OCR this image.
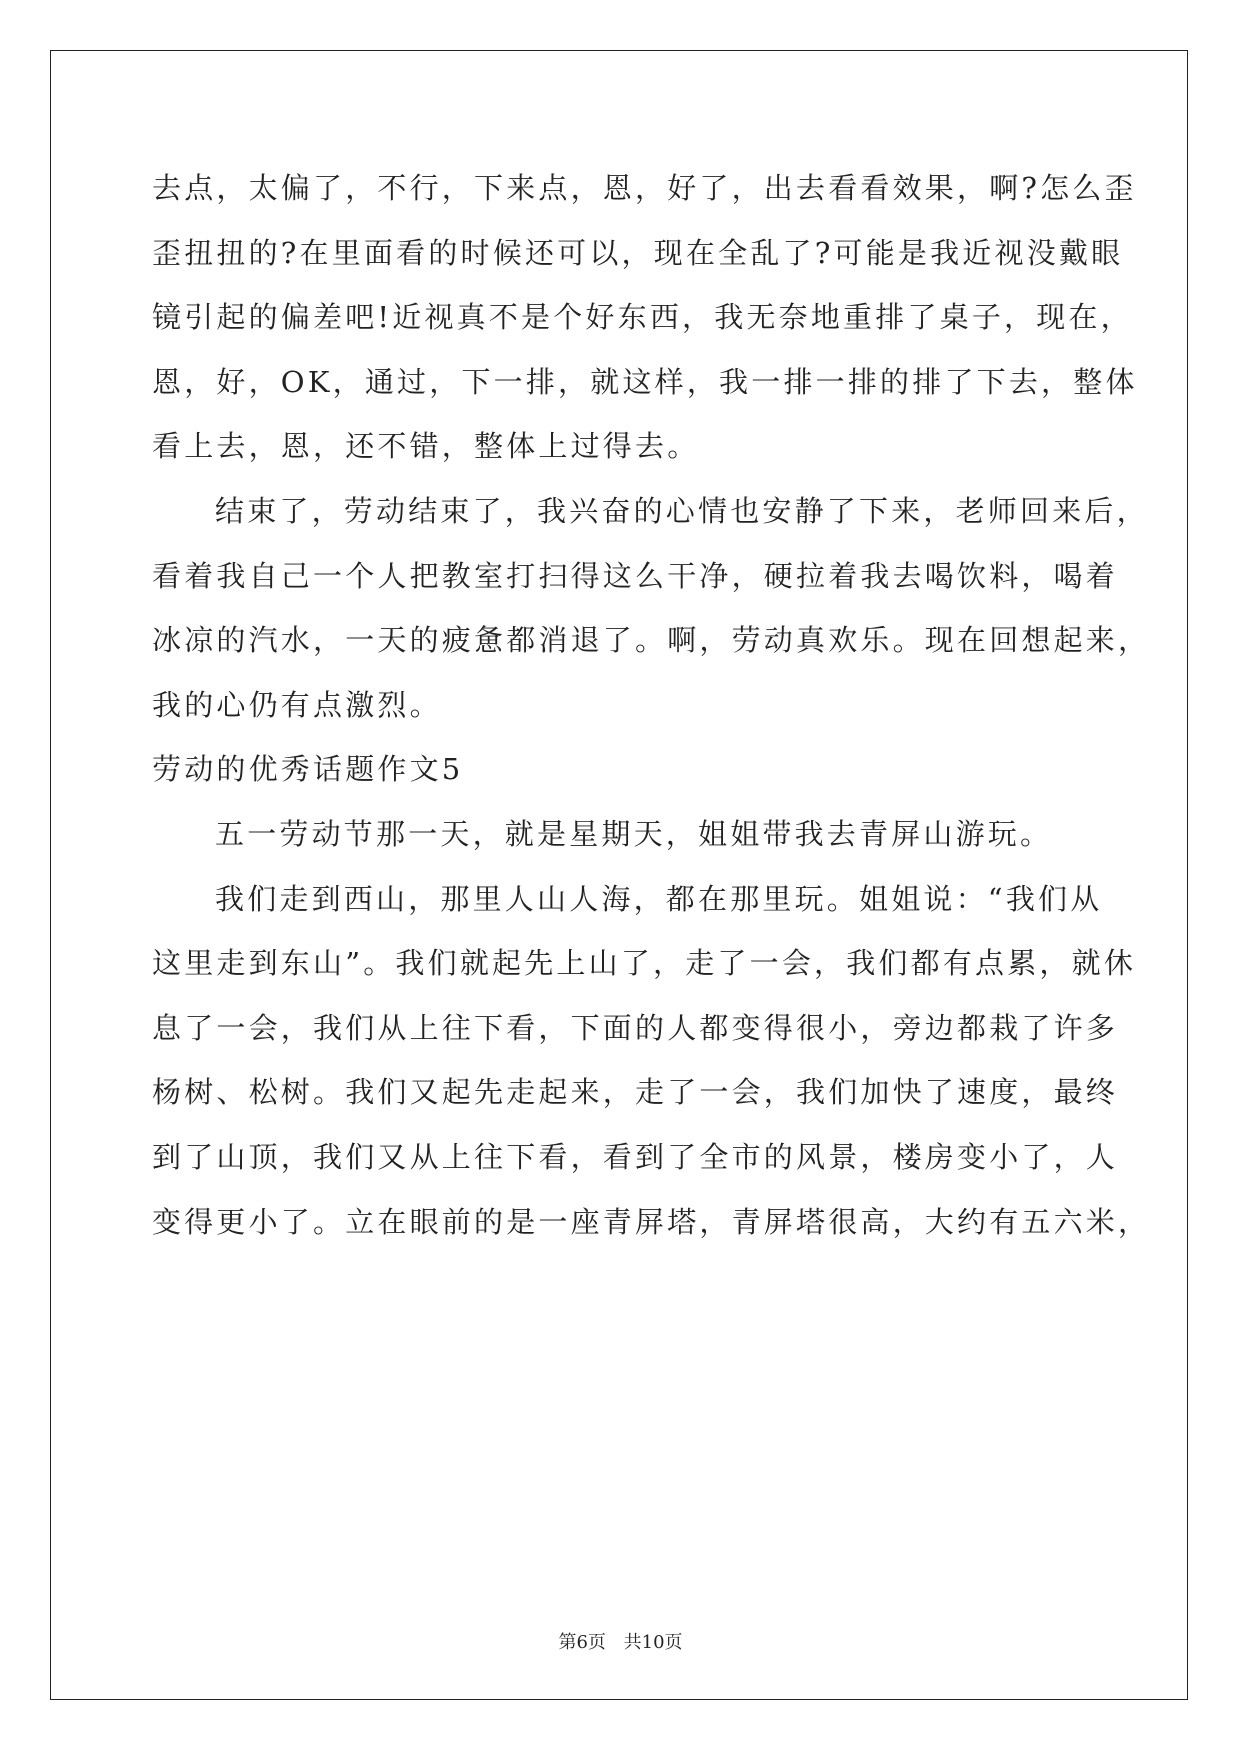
去点，太偏了，不行，下来点，恩，好了，出去看看效果，啊?怎么歪
歪扭扭的?在里面看的时候还可以，现在全乱了?可能是我近视没戴眼
镜引起的偏差吧!近视真不是个好东西，我无奈地重排了桌子，现在，
恩，好，OK，通过，下一排，就这样，我一排一排的排了下去，整体
看上去，恩，还不错，整体上过得去。
结束了，劳动结束了，我兴奋的心情也安静了下来，老师回来后，
看着我自己一个人把教室打扫得这么干净，硬拉着我去喝饮料，喝着
冰凉的汽水，一天的疲惫都消退了。啊，劳动真欢乐。现在回想起来，
我的心仍有点激烈。
劳动的优秀话题作文5
五一劳动节那一天，就是星期天，姐姐带我去青屏山游玩。
我们走到西山，那里人山人海，都在那里玩。姐姐说：“我们从
这里走到东山”。我们就起先上山了，走了一会，我们都有点累，就休
息了一会，我们从上往下看，下面的人都变得很小，旁边都栽了许多
杨树、松树。我们又起先走起来，走了一会，我们加快了速度，最终
到了山顶，我们又从上往下看，看到了全市的风景，楼房变小了，人
变得更小了。立在眼前的是一座青屏塔，青屏塔很高，大约有五六米，
第6页 共10页
